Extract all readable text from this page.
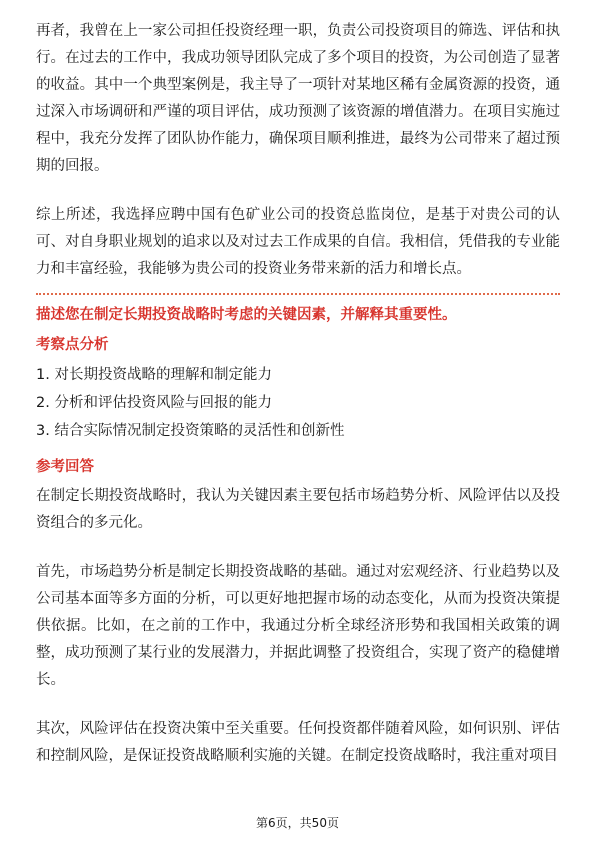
再者，我曾在上一家公司担任投资经理一职，负责公司投资项目的筛选、评估和执行。在过去的工作中，我成功领导团队完成了多个项目的投资，为公司创造了显著的收益。其中一个典型案例是，我主导了一项针对某地区稀有金属资源的投资，通过深入市场调研和严谨的项目评估，成功预测了该资源的增值潜力。在项目实施过程中，我充分发挥了团队协作能力，确保项目顺利推进，最终为公司带来了超过预期的回报。

综上所述，我选择应聘中国有色矿业公司的投资总监岗位，是基于对贵公司的认可、对自身职业规划的追求以及对过去工作成果的自信。我相信，凭借我的专业能力和丰富经验，我能够为贵公司的投资业务带来新的活力和增长点。

描述您在制定长期投资战略时考虑的关键因素，并解释其重要性。

考察点分析

1. 对长期投资战略的理解和制定能力
2. 分析和评估投资风险与回报的能力
3. 结合实际情况制定投资策略的灵活性和创新性

参考回答

在制定长期投资战略时，我认为关键因素主要包括市场趋势分析、风险评估以及投资组合的多元化。

首先，市场趋势分析是制定长期投资战略的基础。通过对宏观经济、行业趋势以及公司基本面等多方面的分析，可以更好地把握市场的动态变化，从而为投资决策提供依据。比如，在之前的工作中，我通过分析全球经济形势和我国相关政策的调整，成功预测了某行业的发展潜力，并据此调整了投资组合，实现了资产的稳健增长。

其次，风险评估在投资决策中至关重要。任何投资都伴随着风险，如何识别、评估和控制风险，是保证投资战略顺利实施的关键。在制定投资战略时，我注重对项目

第6页，共50页
